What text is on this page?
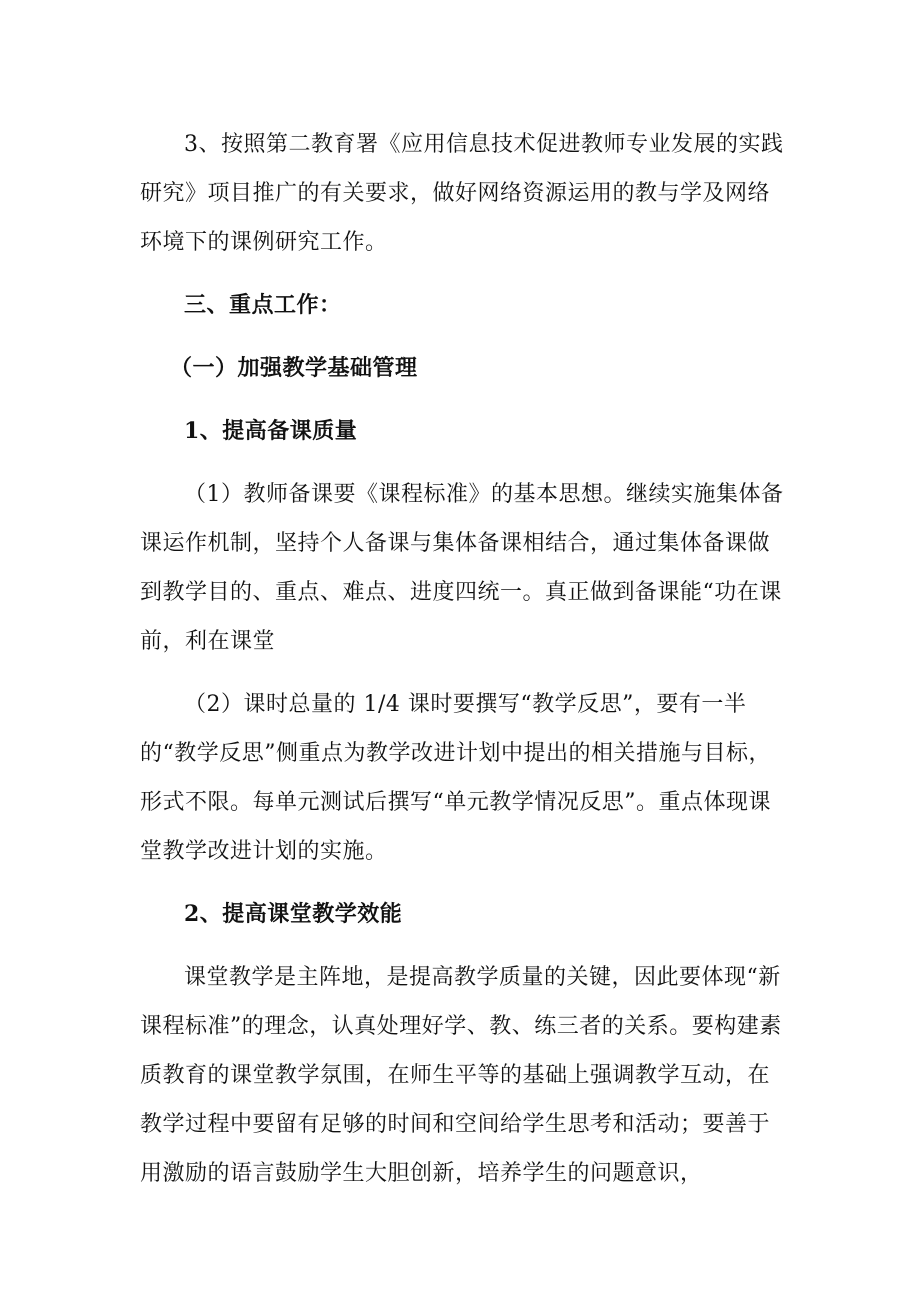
3、按照第二教育署《应用信息技术促进教师专业发展的实践研究》项目推广的有关要求，做好网络资源运用的教与学及网络环境下的课例研究工作。

三、重点工作：

（一）加强教学基础管理

1、提高备课质量

（1）教师备课要《课程标准》的基本思想。继续实施集体备课运作机制，坚持个人备课与集体备课相结合，通过集体备课做到教学目的、重点、难点、进度四统一。真正做到备课能“功在课前，利在课堂

（2）课时总量的 1/4 课时要撰写“教学反思”，要有一半的“教学反思”侧重点为教学改进计划中提出的相关措施与目标，形式不限。每单元测试后撰写“单元教学情况反思”。重点体现课堂教学改进计划的实施。

2、提高课堂教学效能

课堂教学是主阵地，是提高教学质量的关键，因此要体现“新课程标准”的理念，认真处理好学、教、练三者的关系。要构建素质教育的课堂教学氛围，在师生平等的基础上强调教学互动，在教学过程中要留有足够的时间和空间给学生思考和活动；要善于用激励的语言鼓励学生大胆创新，培养学生的问题意识，
